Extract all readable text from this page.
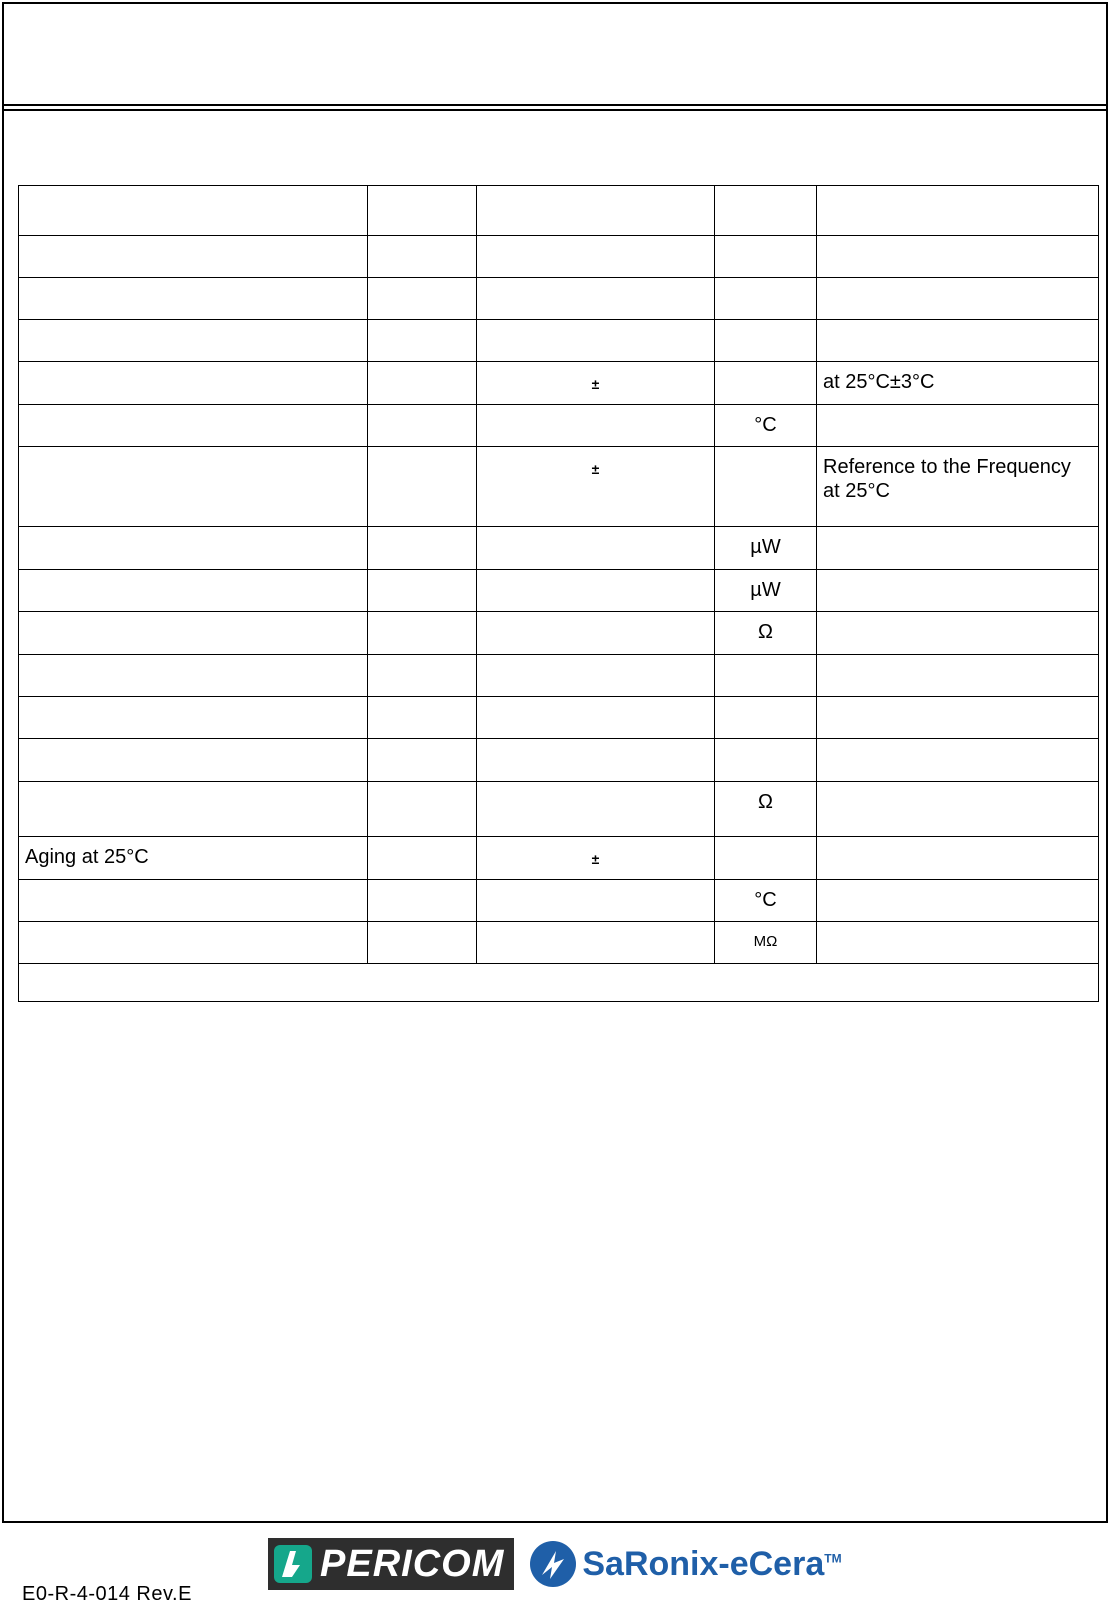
		±		at 25°C±3°C
			°C	
		±		Reference to the Frequency at 25°C
			µW	
			µW	
			Ω	

			Ω	
Aging at 25°C		±		
			°C	
			MΩ	

PERICOM SaRonix-eCera™
E0-R-4-014 Rev.E
